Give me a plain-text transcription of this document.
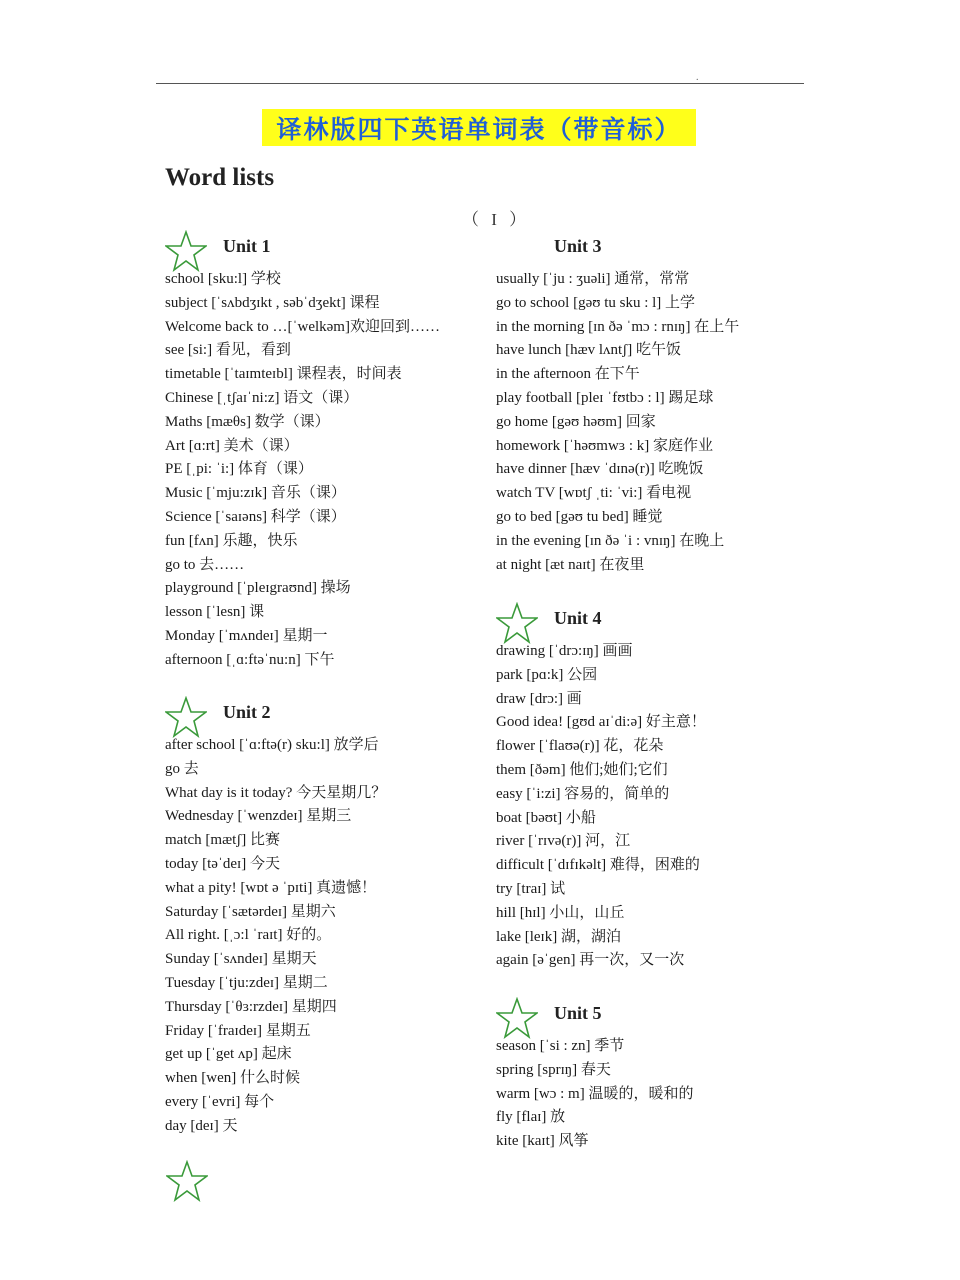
.
译林版四下英语单词表（带音标）
Word lists
（ I ）
Unit 1
school [sku:l] 学校
subject [ˈsʌbdʒɪkt , səbˈdʒekt] 课程
Welcome back to …[ˈwelkəm]欢迎回到……
see [si:] 看见，看到
timetable [ˈtaɪmteɪbl] 课程表，时间表
Chinese [ˌtʃaɪˈni:z] 语文（课）
Maths [mæθs] 数学（课）
Art [ɑ:rt] 美术（课）
PE [ˌpi: ˈi:] 体育（课）
Music [ˈmju:zɪk] 音乐（课）
Science [ˈsaɪəns] 科学（课）
fun [fʌn] 乐趣，快乐
go to 去……
playground [ˈpleɪgraʊnd] 操场
lesson [ˈlesn] 课
Monday [ˈmʌndeɪ] 星期一
afternoon [ˌɑ:ftəˈnu:n] 下午
Unit 2
after school [ˈɑ:ftə(r) sku:l] 放学后
go 去
What day is it today? 今天星期几？
Wednesday [ˈwenzdeɪ] 星期三
match [mætʃ] 比赛
today [təˈdeɪ] 今天
what a pity! [wɒt ə ˈpɪti] 真遗憾！
Saturday [ˈsætərdeɪ] 星期六
All right. [ˌɔ:l ˈraɪt] 好的。
Sunday [ˈsʌndeɪ] 星期天
Tuesday [ˈtju:zdeɪ] 星期二
Thursday [ˈθɜ:rzdeɪ] 星期四
Friday [ˈfraɪdeɪ] 星期五
get up [ˈget ʌp] 起床
when [wen] 什么时候
every [ˈevri] 每个
day [deɪ] 天
Unit 3
usually [ˈju : ʒuəli] 通常，常常
go to school [gəʊ tu sku : l] 上学
in the morning [ɪn ðə ˈmɔ : rnɪŋ] 在上午
have lunch [hæv lʌntʃ] 吃午饭
in the afternoon 在下午
play football [pleɪ ˈfʊtbɔ : l] 踢足球
go home [gəʊ həʊm] 回家
homework [ˈhəʊmwɜ : k] 家庭作业
have dinner [hæv ˈdɪnə(r)] 吃晚饭
watch TV [wɒtʃ ˌti: ˈvi:] 看电视
go to bed [gəʊ tu bed] 睡觉
in the evening [ɪn ðə ˈi : vnɪŋ] 在晚上
at night [æt naɪt] 在夜里
Unit 4
drawing [ˈdrɔ:ɪŋ] 画画
park [pɑ:k] 公园
draw [drɔ:] 画
Good idea! [gʊd aɪˈdi:ə] 好主意！
flower [ˈflaʊə(r)] 花，花朵
them [ðəm] 他们;她们;它们
easy [ˈi:zi] 容易的，简单的
boat [bəʊt] 小船
river [ˈrɪvə(r)] 河，江
difficult [ˈdɪfɪkəlt] 难得，困难的
try [traɪ] 试
hill [hɪl] 小山，山丘
lake [leɪk] 湖，湖泊
again [əˈgen] 再一次，又一次
Unit 5
season [ˈsi : zn] 季节
spring [sprɪŋ] 春天
warm [wɔ : m] 温暖的，暖和的
fly [flaɪ] 放
kite [kaɪt] 风筝
